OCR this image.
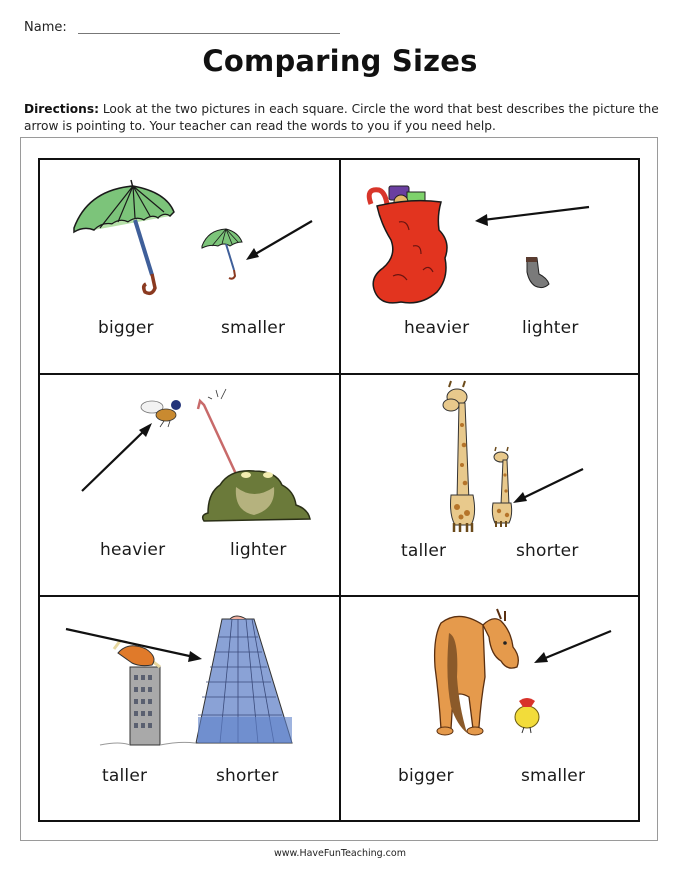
Name:
Comparing Sizes
Directions: Look at the two pictures in each square. Circle the word that best describes the picture the arrow is pointing to. Your teacher can read the words to you if you need help.
bigger	smaller	heavier	lighter
heavier	lighter	taller	shorter
taller	shorter	bigger	smaller
www.HaveFunTeaching.com
